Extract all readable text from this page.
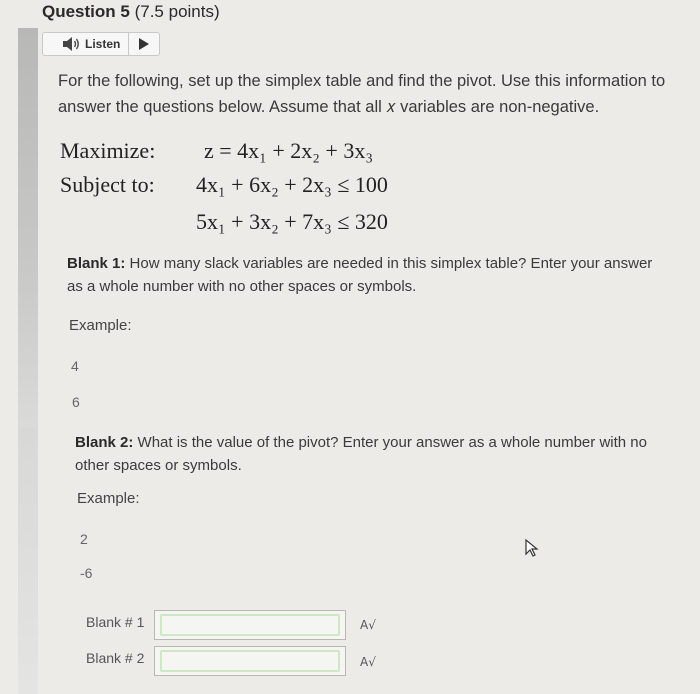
Question 5 (7.5 points)
Listen
For the following, set up the simplex table and find the pivot. Use this information to answer the questions below. Assume that all 𝑥 variables are non-negative.
Maximize: z = 4x₁ + 2x₂ + 3x₃
Subject to: 4x₁ + 6x₂ + 2x₃ ≤ 100
5x₁ + 3x₂ + 7x₃ ≤ 320
Blank 1: How many slack variables are needed in this simplex table? Enter your answer as a whole number with no other spaces or symbols.
Example:
4
6
Blank 2: What is the value of the pivot? Enter your answer as a whole number with no other spaces or symbols.
Example:
2
-6
Blank # 1	A√
Blank # 2	A√
